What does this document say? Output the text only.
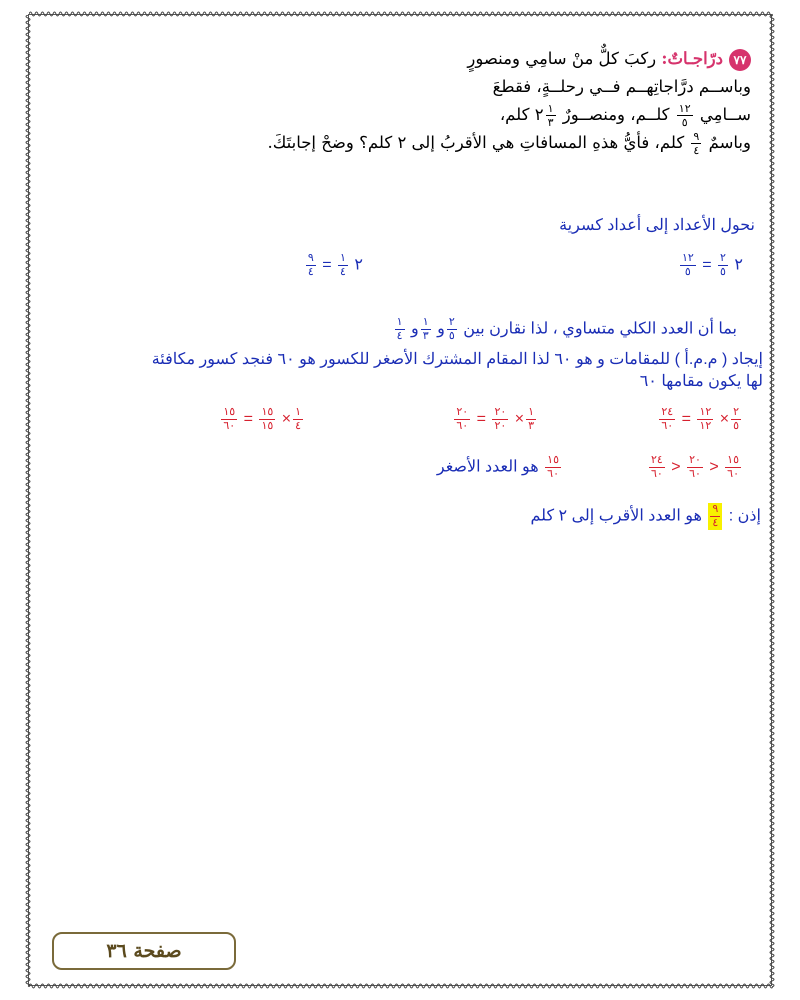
٧٧درّاجـاتٌ: ركبَ كلٌّ منْ سامِي ومنصورٍ
وباســم درَّاجاتِهــم فــي رحلــةٍ، فقطعَ
ســامِي
$\frac{١٢}{٥}$
كلــم، ومنصــورٌ
$\frac{١}{٣}$
٢ كلم،
وباسمٌ
$\frac{٩}{٤}$
كلم، فأيُّ هذهِ المسافاتِ هي الأقربُ إلى ٢ كلم؟ وضحْ إجابتَكَ.
نحول الأعداد إلى أعداد كسرية
$\frac{١٢}{٥} = \frac{٢}{٥}$ ٢
$\frac{٩}{٤} = \frac{١}{٤}$ ٢
بما أن العدد الكلي متساوي ، لذا نقارن بين
$\frac{٢}{٥}$
و
$\frac{١}{٣}$
و
$\frac{١}{٤}$
إيجاد ( م.م.أ ) للمقامات و هو ٦٠ لذا المقام المشترك الأصغر للكسور هو ٦٠ فنجد كسور مكافئة
لها يكون مقامها ٦٠
$\frac{٢٤}{٦٠} = \frac{١٢}{١٢} \times \frac{٢}{٥}$
$\frac{٢٠}{٦٠} = \frac{٢٠}{٢٠} \times \frac{١}{٣}$
$\frac{١٥}{٦٠} = \frac{١٥}{١٥} \times \frac{١}{٤}$
$\frac{٢٤}{٦٠} > \frac{٢٠}{٦٠} > \frac{١٥}{٦٠}$
$\frac{١٥}{٦٠}$
هو العدد الأصغر
إذن :
$\frac{٩}{٤}$
هو العدد الأقرب إلى ٢ كلم
صفحة ٣٦
